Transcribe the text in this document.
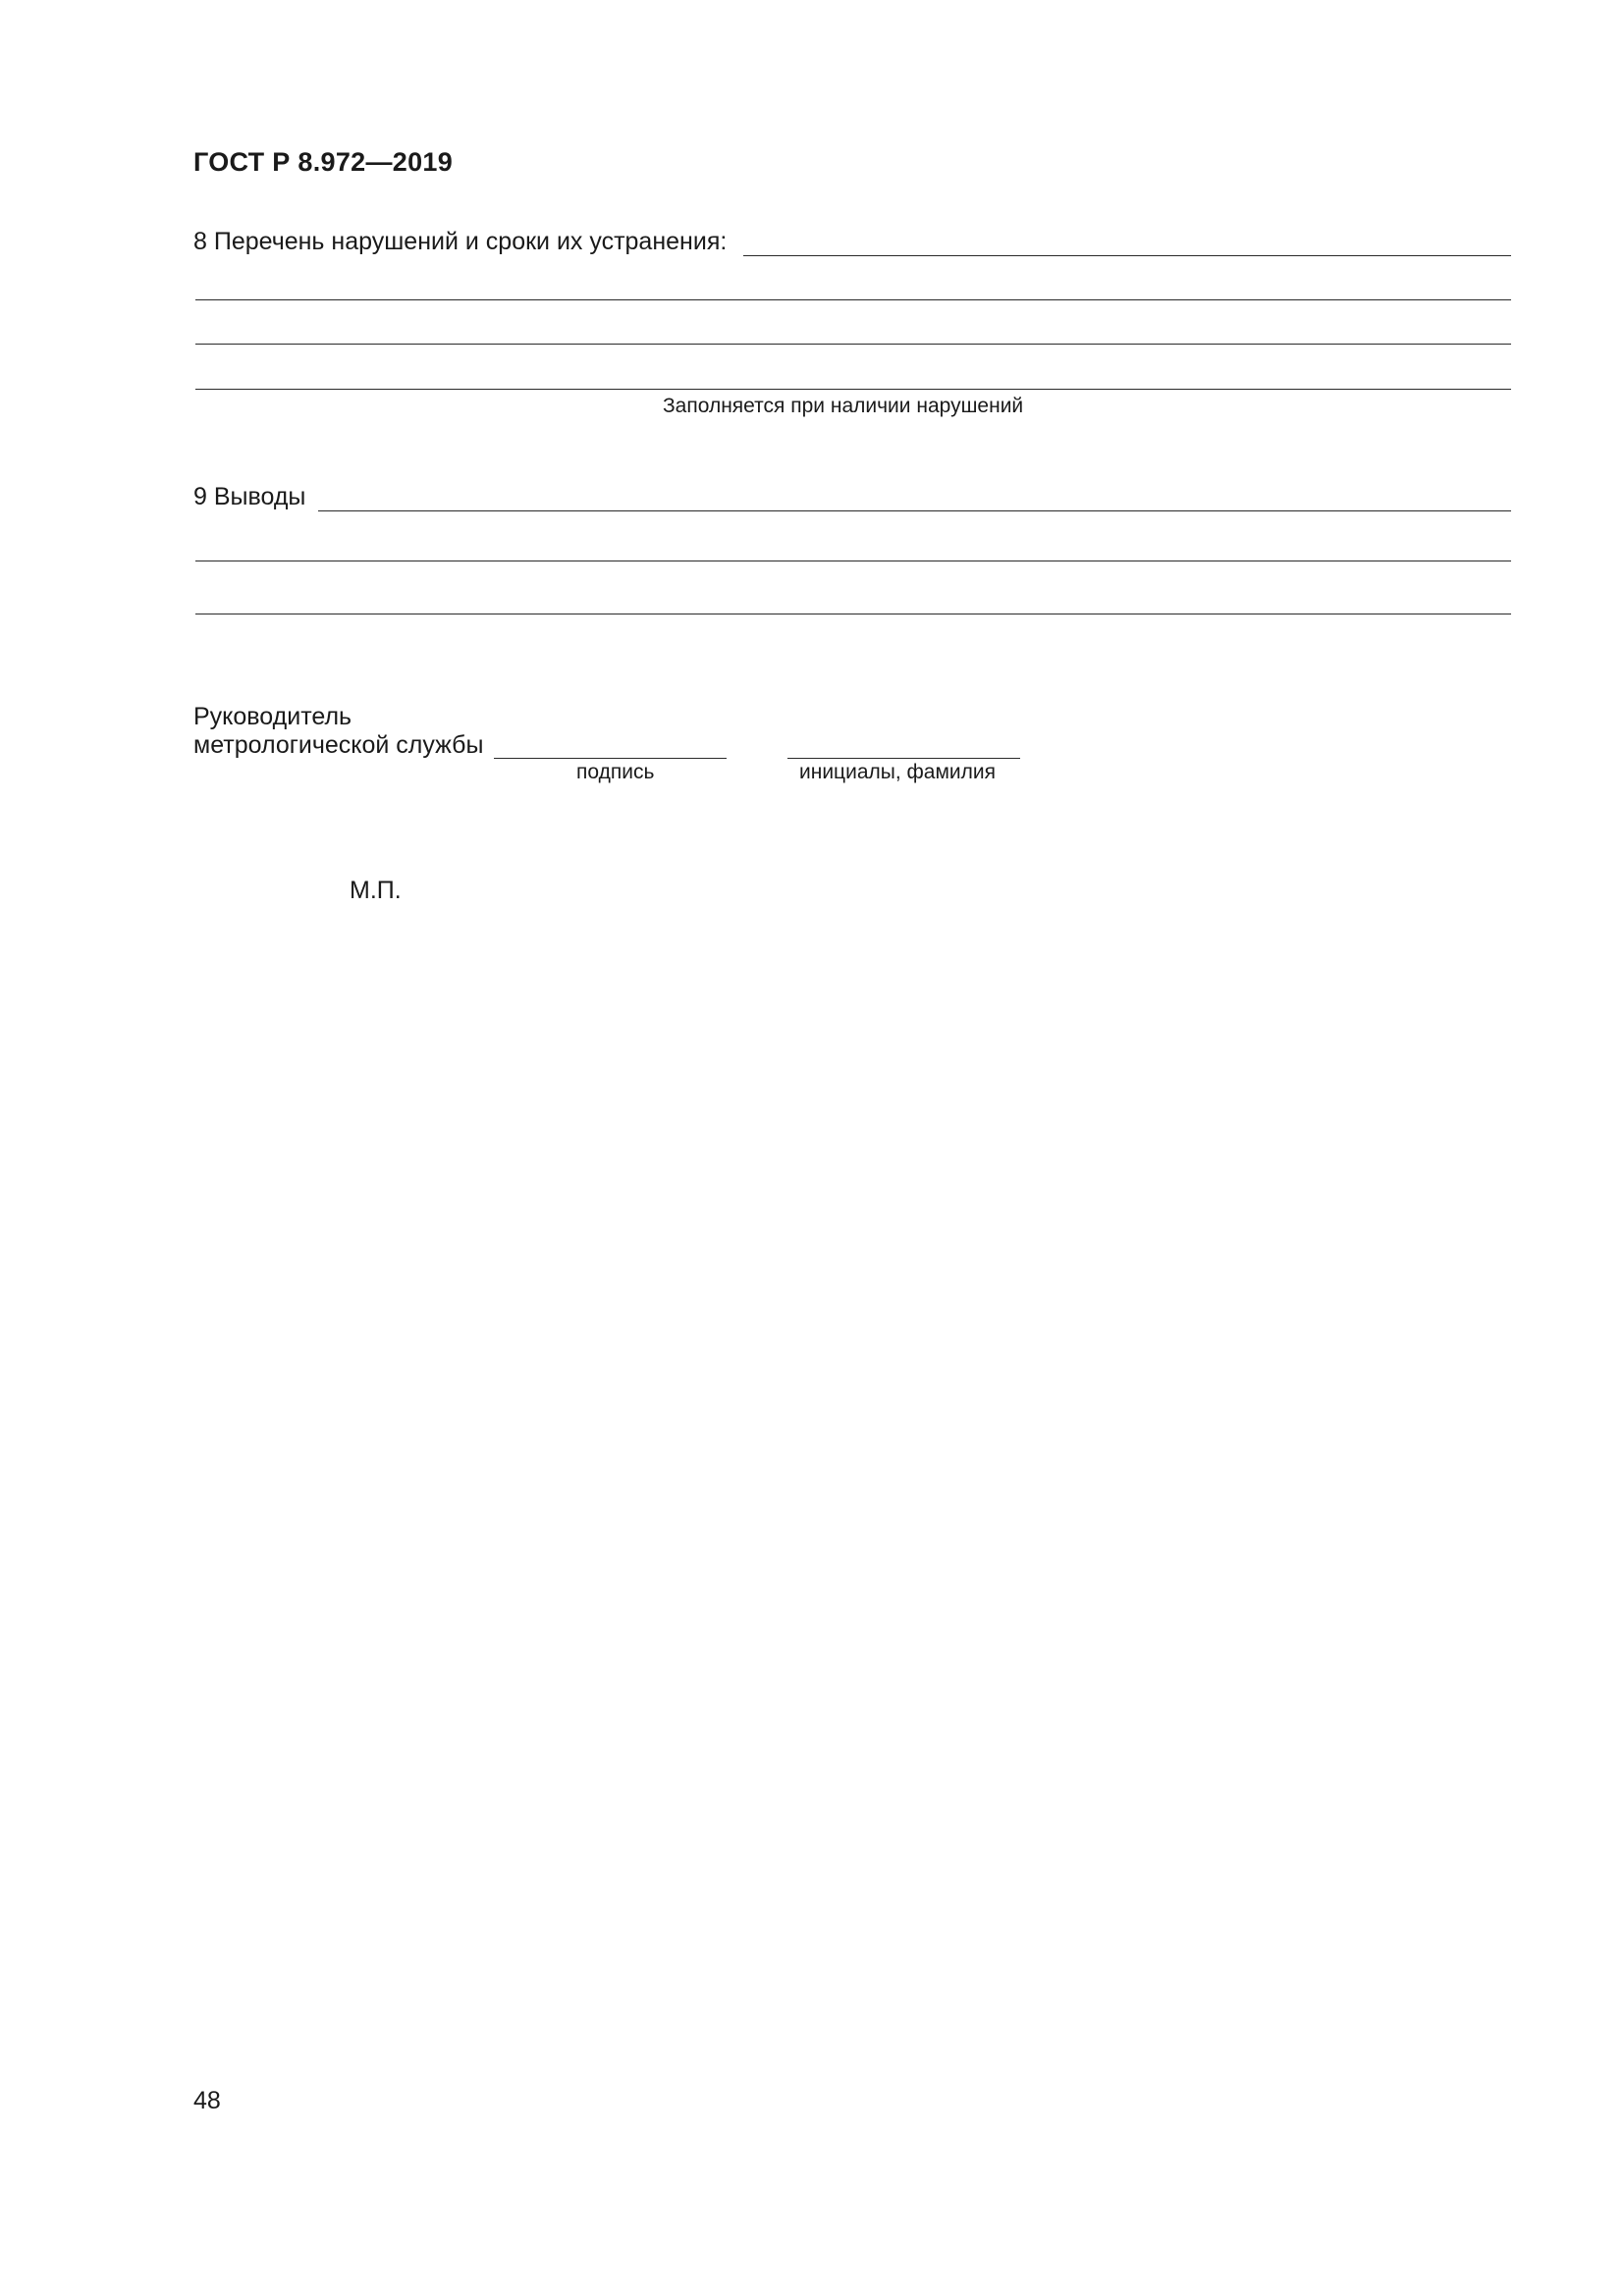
ГОСТ Р 8.972—2019
8 Перечень нарушений и сроки их устранения:
Заполняется при наличии нарушений
9 Выводы
Руководитель
метрологической службы
подпись	инициалы, фамилия
М.П.
48
